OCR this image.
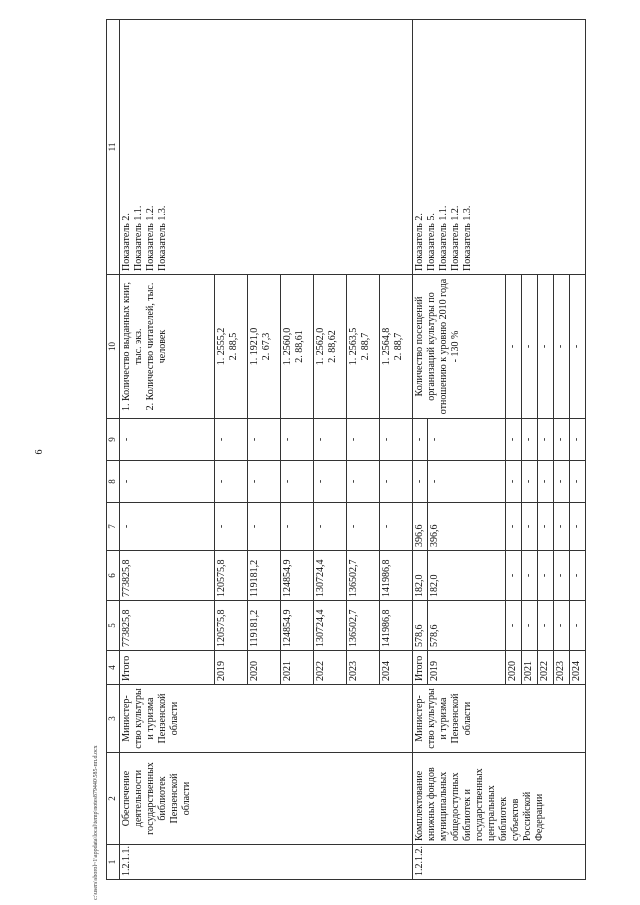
6
c:\users\sborol~1\appdata\local\temp\notes879440\585-пп.d.ocx 1	2	3	4	5	6	7	8	9	10	11
1.2.1.1.	Обеспечение деятельности государственных библиотек Пензенской области	Министер-ство культуры и туризма Пензенской области	Итого	773825,8	773825,8	-	-	-	1. Количество выданных книг, тыс. экз.
2. Количество читателей, тыс. человек	Показатель 2. Показатель 1.1. Показатель 1.2. Показатель 1.3.

			2019	120575,8	120575,8	-	-	-	1. 2555,2 2. 88,5	

			2020	119181,2	119181,2	-	-	-	1. 1921,0 2. 67,3	

			2021	124854,9	124854,9	-	-	-	1. 2560,0 2. 88,61	

			2022	130724,4	130724,4	-	-	-	1. 2562,0 2. 88,62	

			2023	136502,7	136502,7	-	-	-	1. 2563,5 2. 88,7	

			2024	141986,8	141986,8	-	-	-	1. 2564,8 2. 88,7	

1.2.1.2.	Комплектование книжных фондов муниципальных общедоступных библиотек и государственных центральных библиотек субъектов Российской Федерации	Министер-ство культуры и туризма Пензенской области	Итого	578,6	182,0	396,6	-	-	Количество посещений организаций культуры по отношению к уровню 2010 года - 130 %	Показатель 2. Показатель 5. Показатель 1.1. Показатель 1.2. Показатель 1.3.

			2019	578,6	182,0	396,6	-	-		
			2020	-	-	-	-	-	-	
			2021	-	-	-	-	-	-	
			2022	-	-	-	-	-	-	
			2023	-	-	-	-	-	-	
			2024	-	-	-	-	-	-	
